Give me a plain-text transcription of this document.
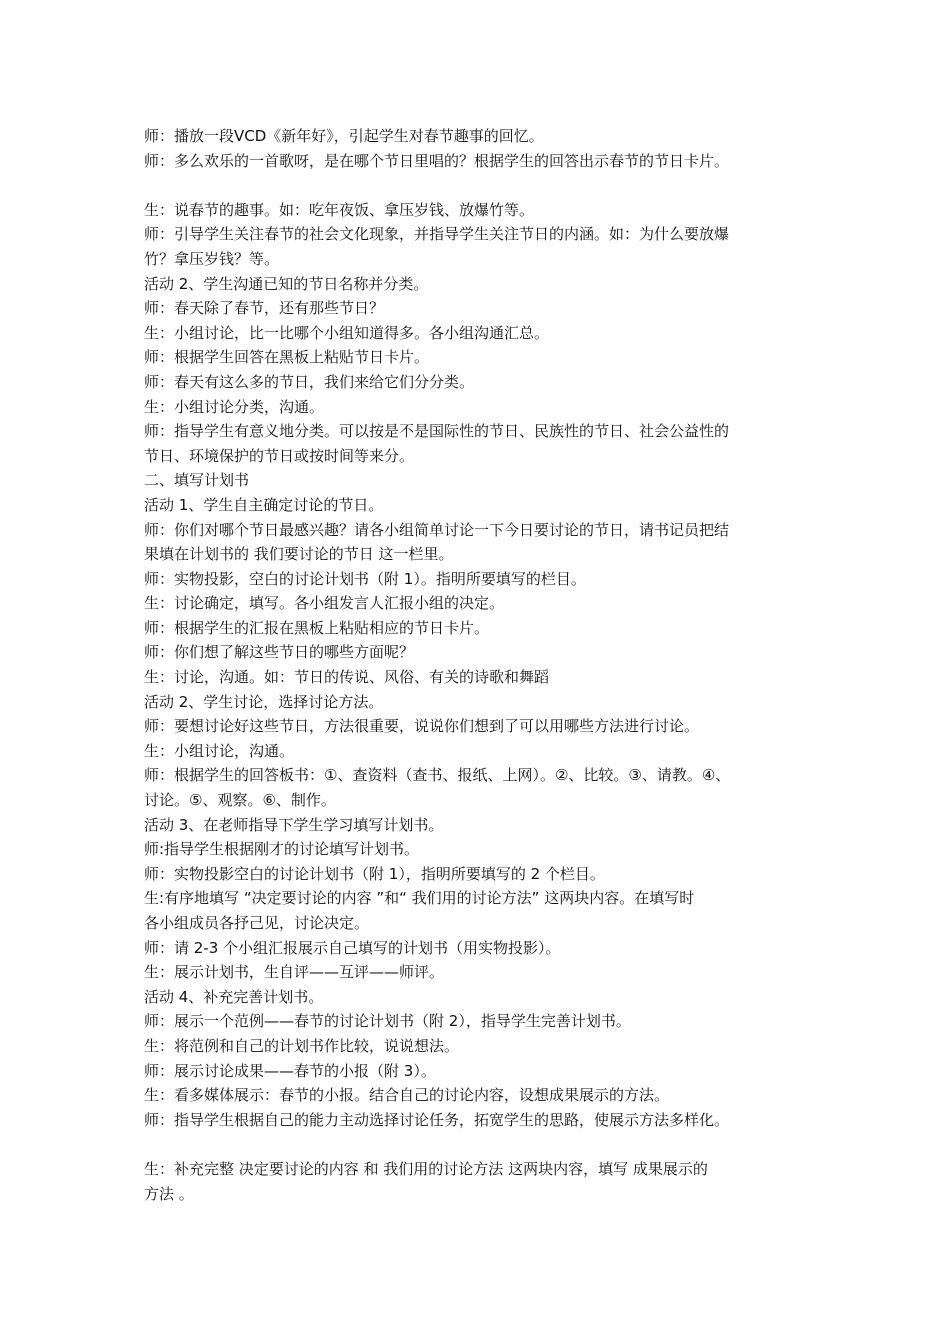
师：播放一段VCD《新年好》，引起学生对春节趣事的回忆。
师：多么欢乐的一首歌呀，是在哪个节日里唱的？根据学生的回答出示春节的节日卡片。
生：说春节的趣事。如：吃年夜饭、拿压岁钱、放爆竹等。
师：引导学生关注春节的社会文化现象，并指导学生关注节日的内涵。如：为什么要放爆
竹？拿压岁钱？等。
活动 2、学生沟通已知的节日名称并分类。
师：春天除了春节，还有那些节日？
生：小组讨论，比一比哪个小组知道得多。各小组沟通汇总。
师：根据学生回答在黑板上粘贴节日卡片。
师：春天有这么多的节日，我们来给它们分分类。
生：小组讨论分类，沟通。
师：指导学生有意义地分类。可以按是不是国际性的节日、民族性的节日、社会公益性的
节日、环境保护的节日或按时间等来分。
二、填写计划书
活动 1、学生自主确定讨论的节日。
师：你们对哪个节日最感兴趣？请各小组简单讨论一下今日要讨论的节日，请书记员把结
果填在计划书的 我们要讨论的节日 这一栏里。
师：实物投影，空白的讨论计划书（附 1）。指明所要填写的栏目。
生：讨论确定，填写。各小组发言人汇报小组的决定。
师：根据学生的汇报在黑板上粘贴相应的节日卡片。
师：你们想了解这些节日的哪些方面呢？
生：讨论，沟通。如：节日的传说、风俗、有关的诗歌和舞蹈
活动 2、学生讨论，选择讨论方法。
师：要想讨论好这些节日，方法很重要，说说你们想到了可以用哪些方法进行讨论。
生：小组讨论，沟通。
师：根据学生的回答板书：①、查资料（查书、报纸、上网）。②、比较。③、请教。④、
讨论。⑤、观察。⑥、制作。
活动 3、在老师指导下学生学习填写计划书。
师:指导学生根据刚才的讨论填写计划书。
师：实物投影空白的讨论计划书（附 1），指明所要填写的 2 个栏目。
生:有序地填写 “决定要讨论的内容 ”和“ 我们用的讨论方法” 这两块内容。在填写时
各小组成员各抒己见，讨论决定。
师：请 2-3 个小组汇报展示自己填写的计划书（用实物投影）。
生：展示计划书，生自评——互评——师评。
活动 4、补充完善计划书。
师：展示一个范例——春节的讨论计划书（附 2），指导学生完善计划书。
生：将范例和自己的计划书作比较，说说想法。
师：展示讨论成果——春节的小报（附 3）。
生：看多媒体展示：春节的小报。结合自己的讨论内容，设想成果展示的方法。
师：指导学生根据自己的能力主动选择讨论任务，拓宽学生的思路，使展示方法多样化。
生：补充完整 决定要讨论的内容 和 我们用的讨论方法 这两块内容，填写 成果展示的
方法 。
